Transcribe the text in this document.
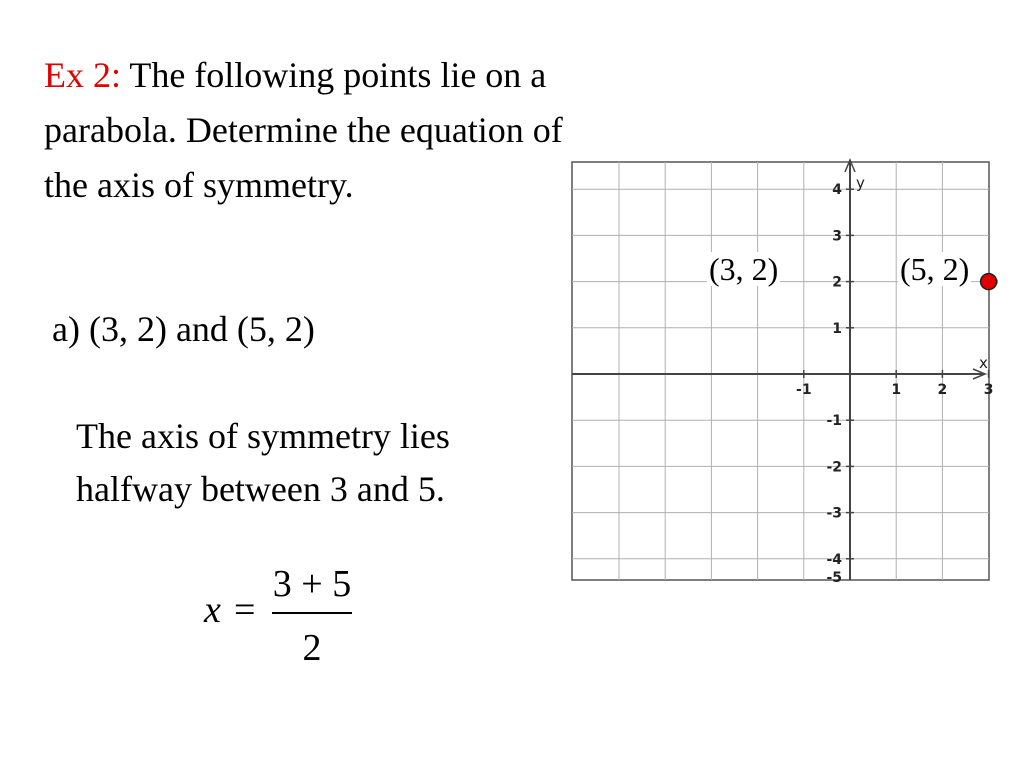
Ex 2: The following points lie on a parabola. Determine the equation of the axis of symmetry.
a) (3, 2) and (5, 2)
The axis of symmetry lies halfway between 3 and 5.
x =
3 + 5
2
x
y
-1	1	2	3
4
3
2
1
-1
-2
-3
-4
-5
(3, 2)	(5, 2)
